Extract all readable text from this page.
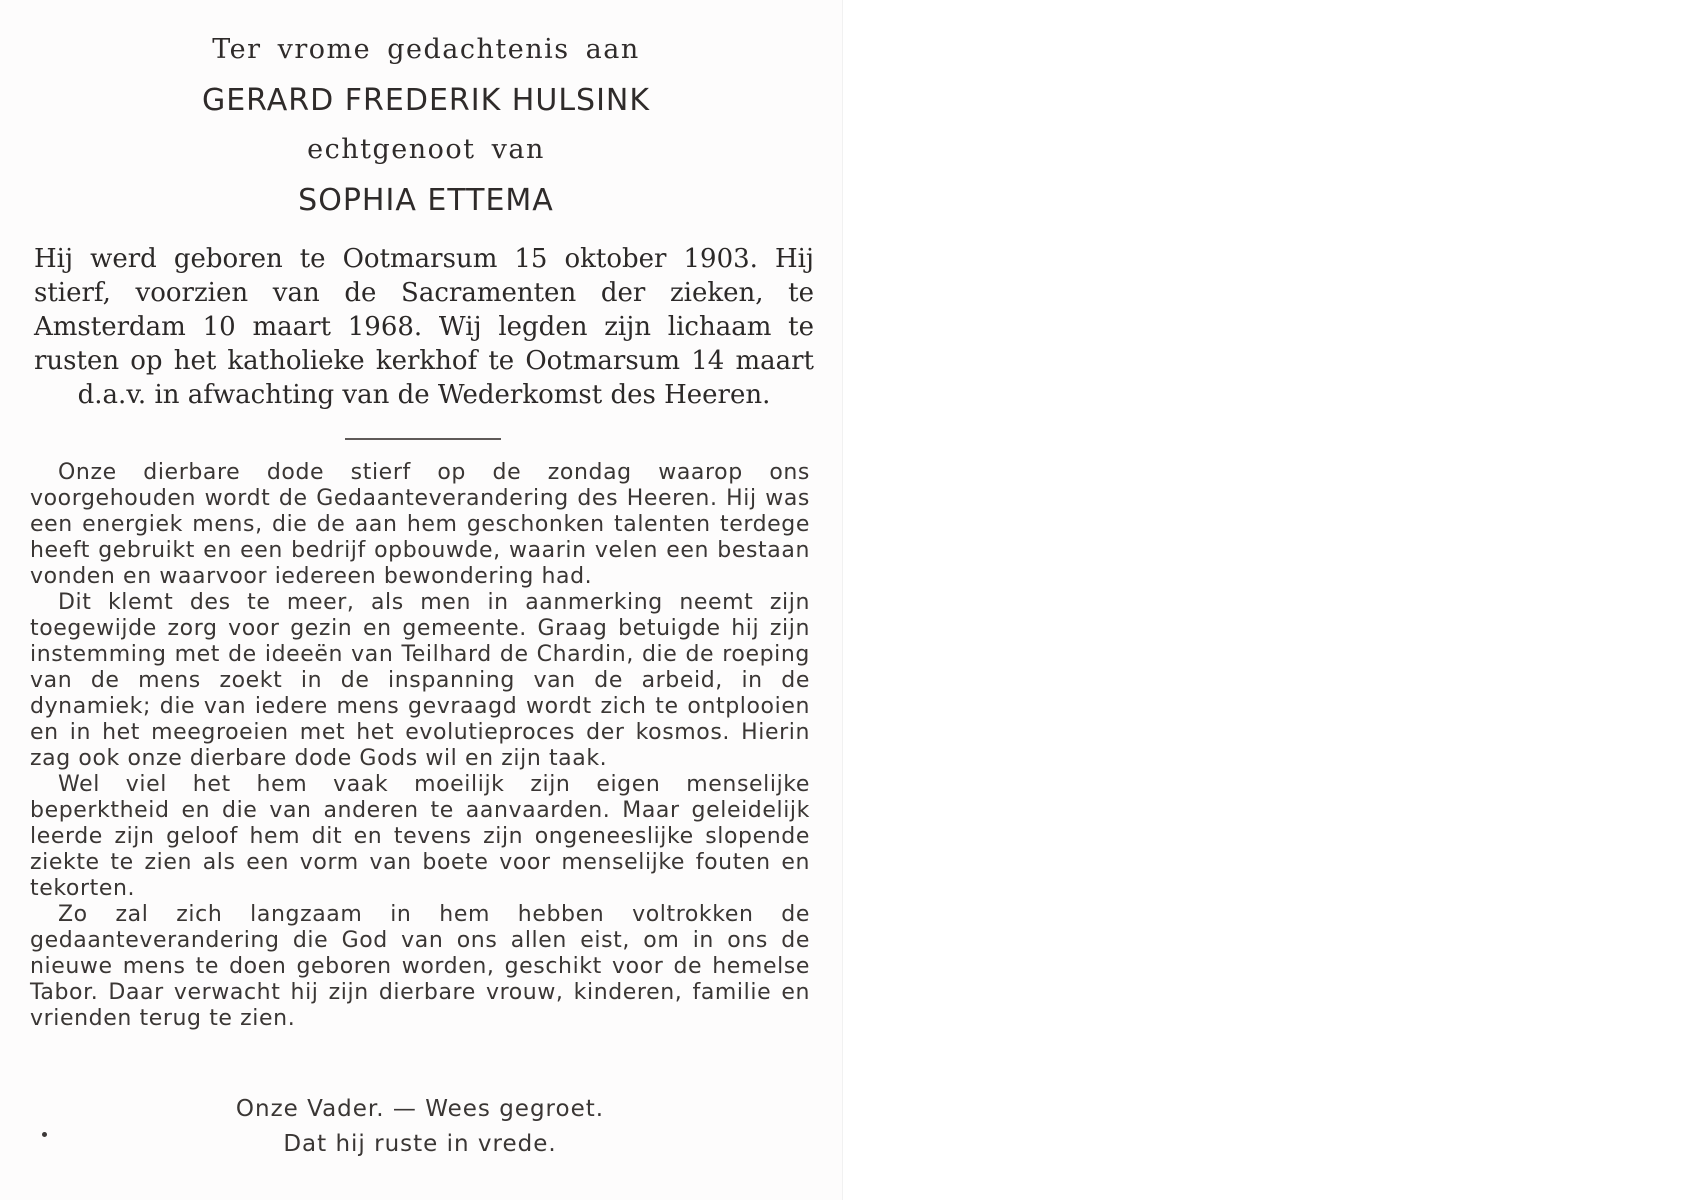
Ter vrome gedachtenis aan
GERARD FREDERIK HULSINK
echtgenoot van
SOPHIA ETTEMA
Hij werd geboren te Ootmarsum 15 oktober 1903. Hij stierf, voorzien van de Sacramenten der zieken, te Amsterdam 10 maart 1968. Wij legden zijn lichaam te rusten op het katholieke kerkhof te Ootmarsum 14 maart d.a.v. in afwachting van de Wederkomst des Heeren.

Onze dierbare dode stierf op de zondag waarop ons voorgehouden wordt de Gedaanteverandering des Heeren. Hij was een energiek mens, die de aan hem geschonken talenten terdege heeft gebruikt en een bedrijf opbouwde, waarin velen een bestaan vonden en waarvoor iedereen bewondering had.

Dit klemt des te meer, als men in aanmerking neemt zijn toegewijde zorg voor gezin en gemeente. Graag betuigde hij zijn instemming met de ideeën van Teilhard de Chardin, die de roeping van de mens zoekt in de inspanning van de arbeid, in de dynamiek; die van iedere mens gevraagd wordt zich te ontplooien en in het meegroeien met het evolutieproces der kosmos. Hierin zag ook onze dierbare dode Gods wil en zijn taak.

Wel viel het hem vaak moeilijk zijn eigen menselijke beperktheid en die van anderen te aanvaarden. Maar geleidelijk leerde zijn geloof hem dit en tevens zijn ongeneeslijke slopende ziekte te zien als een vorm van boete voor menselijke fouten en tekorten.

Zo zal zich langzaam in hem hebben voltrokken de gedaanteverandering die God van ons allen eist, om in ons de nieuwe mens te doen geboren worden, geschikt voor de hemelse Tabor. Daar verwacht hij zijn dierbare vrouw, kinderen, familie en vrienden terug te zien.

Onze Vader. — Wees gegroet.
Dat hij ruste in vrede.
